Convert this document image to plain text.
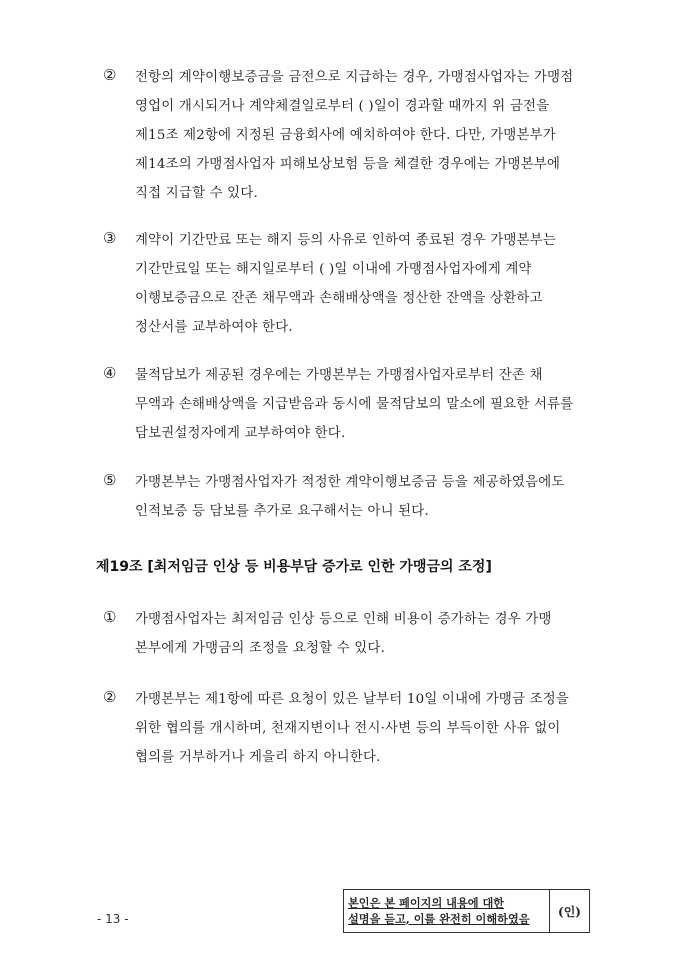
② 전항의 계약이행보증금을 금전으로 지급하는 경우, 가맹점사업자는 가맹점
영업이 개시되거나 계약체결일로부터 ( )일이 경과할 때까지 위 금전을
제15조 제2항에 지정된 금융회사에 예치하여야 한다. 다만, 가맹본부가
제14조의 가맹점사업자 피해보상보험 등을 체결한 경우에는 가맹본부에
직접 지급할 수 있다.
③ 계약이 기간만료 또는 해지 등의 사유로 인하여 종료된 경우 가맹본부는
기간만료일 또는 해지일로부터 ( )일 이내에 가맹점사업자에게 계약
이행보증금으로 잔존 채무액과 손해배상액을 정산한 잔액을 상환하고
정산서를 교부하여야 한다.
④ 물적담보가 제공된 경우에는 가맹본부는 가맹점사업자로부터 잔존 채
무액과 손해배상액을 지급받음과 동시에 물적담보의 말소에 필요한 서류를
담보권설정자에게 교부하여야 한다.
⑤ 가맹본부는 가맹점사업자가 적정한 계약이행보증금 등을 제공하였음에도
인적보증 등 담보를 추가로 요구해서는 아니 된다.
제19조 [최저임금 인상 등 비용부담 증가로 인한 가맹금의 조정]
① 가맹점사업자는 최저임금 인상 등으로 인해 비용이 증가하는 경우 가맹
본부에게 가맹금의 조정을 요청할 수 있다.
② 가맹본부는 제1항에 따른 요청이 있은 날부터 10일 이내에 가맹금 조정을
위한 협의를 개시하며, 천재지변이나 전시·사변 등의 부득이한 사유 없이
협의를 거부하거나 게을리 하지 아니한다.
- 13 -
본인은 본 페이지의 내용에 대한
설명을 듣고, 이를 완전히 이해하였음
(인)
